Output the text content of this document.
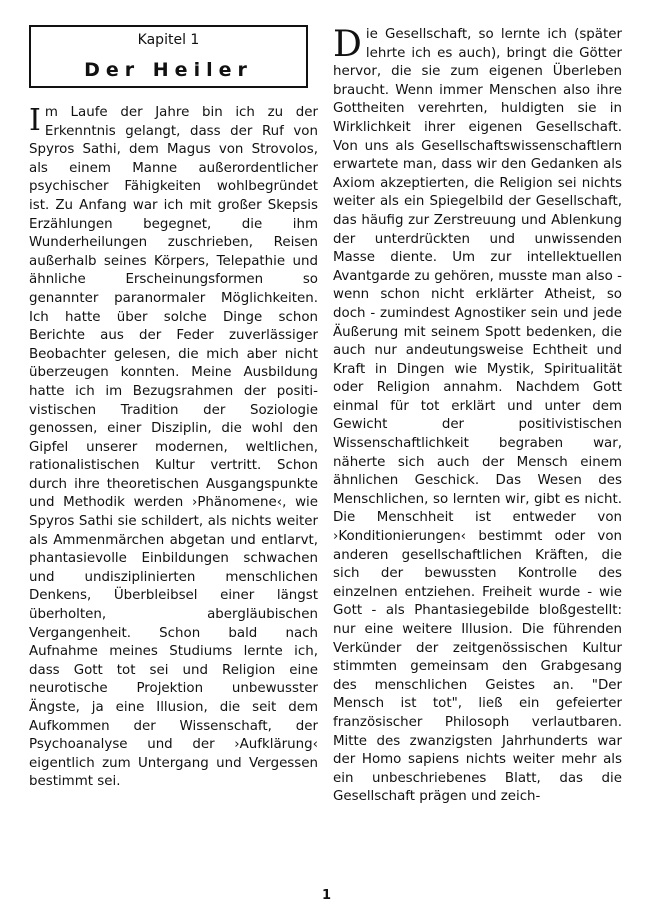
Kapitel 1
Der Heiler
I m Laufe der Jahre bin ich zu der Erkenntnis gelangt, dass der Ruf von Spyros Sathi, dem Magus von Strovolos, als einem Manne außerordentlicher psychischer Fähigkeiten wohlbegründet ist. Zu Anfang war ich mit großer Skepsis Erzählungen begegnet, die ihm Wunderheilungen zuschrieben, Reisen außerhalb seines Körpers, Telepathie und ähnliche Erscheinungsformen so genannter paranormaler Möglichkeiten. Ich hatte über solche Dinge schon Berichte aus der Feder zuverlässiger Beobachter gelesen, die mich aber nicht überzeugen konnten. Meine Ausbildung hatte ich im Bezugsrahmen der positivistischen Tradition der Soziologie genossen, einer Disziplin, die wohl den Gipfel unserer modernen, weltlichen, rationalistischen Kultur vertritt. Schon durch ihre theoretischen Ausgangspunkte und Methodik werden ›Phänomene‹, wie Spyros Sathi sie schildert, als nichts weiter als Ammenmärchen abgetan und entlarvt, phantasievolle Einbildungen schwachen und undisziplinierten menschlichen Denkens, Überbleibsel einer längst überholten, abergläubischen Vergangenheit. Schon bald nach Aufnahme meines Studiums lernte ich, dass Gott tot sei und Religion eine neurotische Projektion unbewusster Ängste, ja eine Illusion, die seit dem Aufkommen der Wissenschaft, der Psychoanalyse und der ›Aufklärung‹ eigentlich zum Untergang und Vergessen bestimmt sei.
D ie Gesellschaft, so lernte ich (später lehrte ich es auch), bringt die Götter hervor, die sie zum eigenen Überleben braucht. Wenn immer Menschen also ihre Gottheiten verehrten, huldigten sie in Wirklichkeit ihrer eigenen Gesellschaft. Von uns als Gesellschaftswissenschaftlern erwartete man, dass wir den Gedanken als Axiom akzeptierten, die Religion sei nichts weiter als ein Spiegelbild der Gesellschaft, das häufig zur Zerstreuung und Ablenkung der unterdrückten und unwissenden Masse diente. Um zur intellektuellen Avantgarde zu gehören, musste man also - wenn schon nicht erklärter Atheist, so doch - zumindest Agnostiker sein und jede Äußerung mit seinem Spott bedenken, die auch nur andeutungsweise Echtheit und Kraft in Dingen wie Mystik, Spiritualität oder Religion annahm. Nachdem Gott einmal für tot erklärt und unter dem Gewicht der positivistischen Wissenschaftlichkeit begraben war, näherte sich auch der Mensch einem ähnlichen Geschick. Das Wesen des Menschlichen, so lernten wir, gibt es nicht. Die Menschheit ist entweder von ›Konditionierungen‹ bestimmt oder von anderen gesellschaftlichen Kräften, die sich der bewussten Kontrolle des einzelnen entziehen. Freiheit wurde - wie Gott - als Phantasiegebilde bloßgestellt: nur eine weitere Illusion. Die führenden Verkünder der zeitgenössischen Kultur stimmten gemeinsam den Grabgesang des menschlichen Geistes an. "Der Mensch ist tot", ließ ein gefeierter französischer Philosoph verlautbaren. Mitte des zwanzigsten Jahrhunderts war der Homo sapiens nichts weiter mehr als ein unbeschriebenes Blatt, das die Gesellschaft prägen und zeich-
1
